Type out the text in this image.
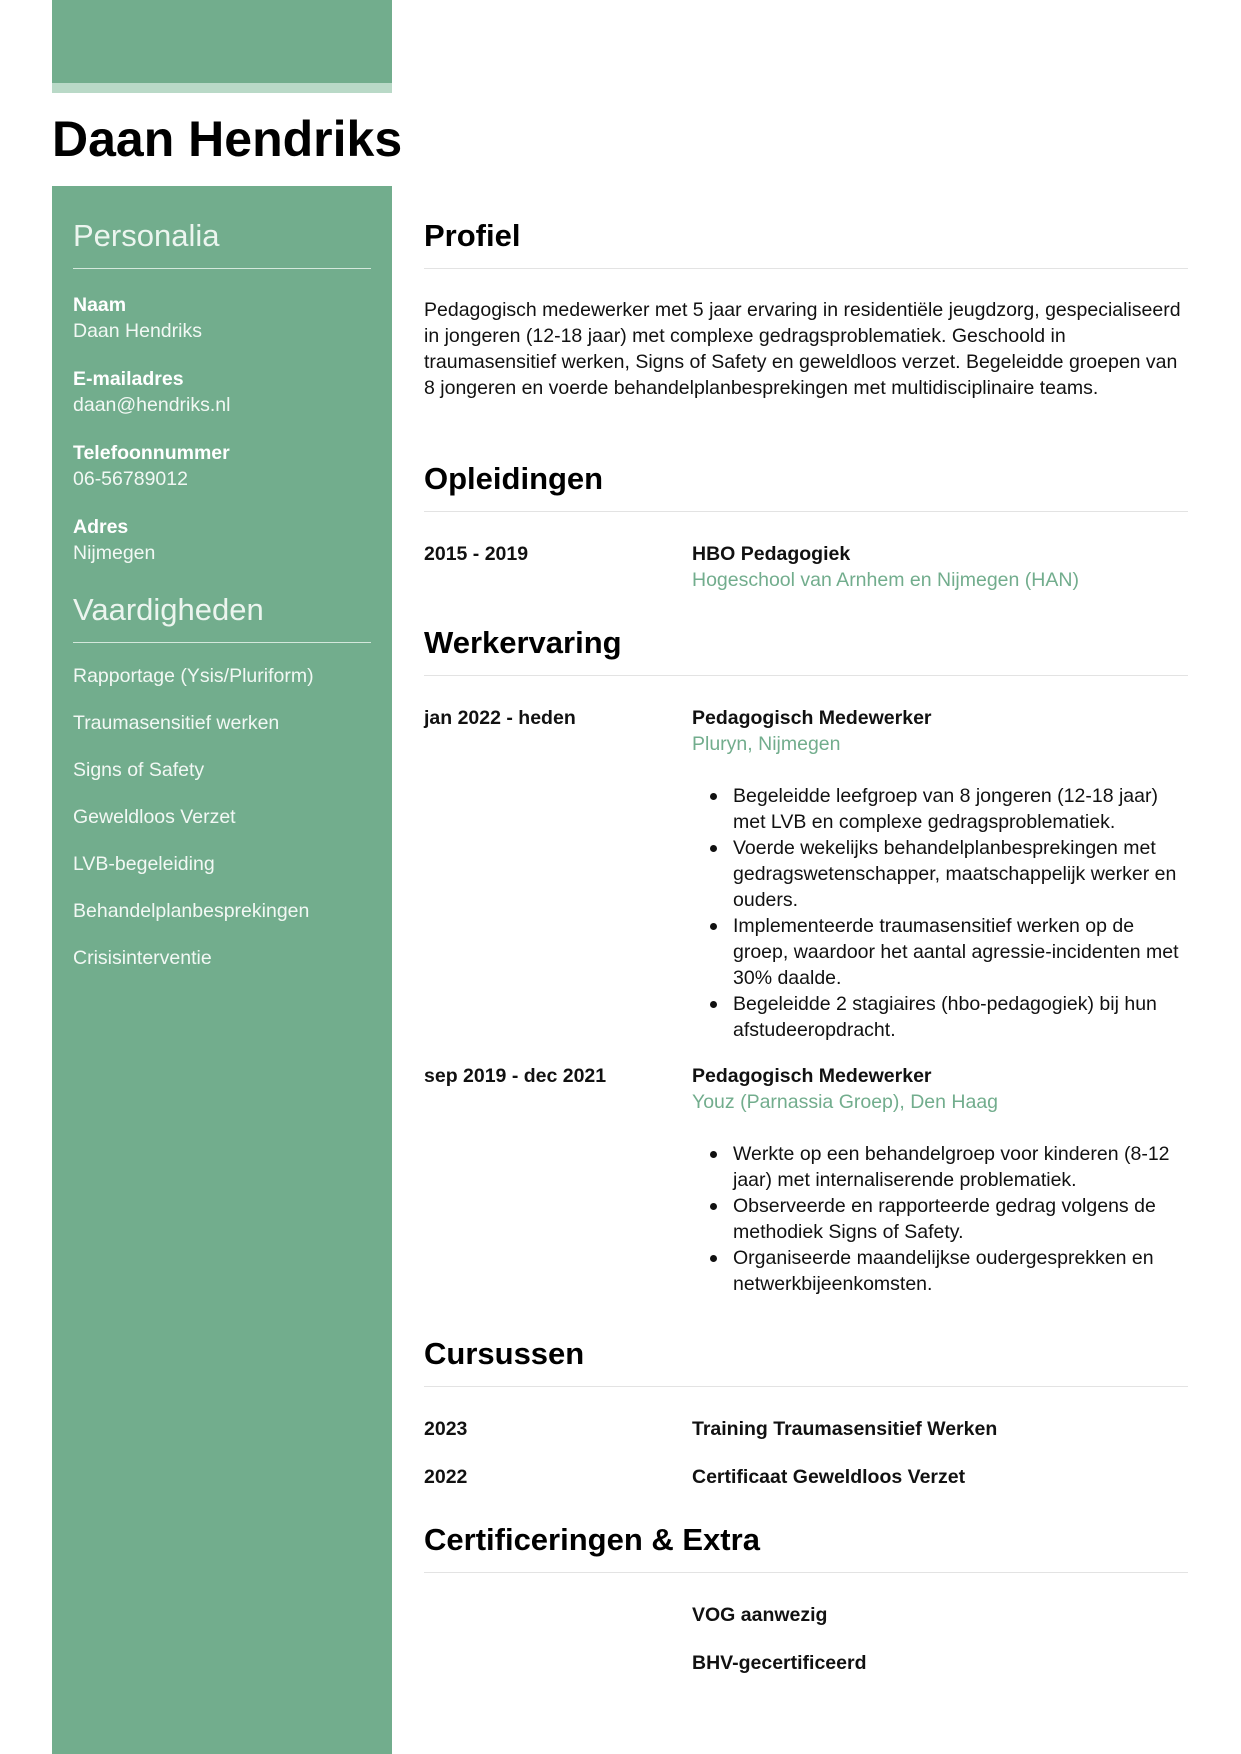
Daan Hendriks
Personalia
Naam
Daan Hendriks
E-mailadres
daan@hendriks.nl
Telefoonnummer
06-56789012
Adres
Nijmegen
Vaardigheden
Rapportage (Ysis/Pluriform)
Traumasensitief werken
Signs of Safety
Geweldloos Verzet
LVB-begeleiding
Behandelplanbesprekingen
Crisisinterventie
Profiel
Pedagogisch medewerker met 5 jaar ervaring in residentiële jeugdzorg, gespecialiseerd in jongeren (12-18 jaar) met complexe gedragsproblematiek. Geschoold in traumasensitief werken, Signs of Safety en geweldloos verzet. Begeleidde groepen van 8 jongeren en voerde behandelplanbesprekingen met multidisciplinaire teams.
Opleidingen
2015 - 2019	HBO Pedagogiek
Hogeschool van Arnhem en Nijmegen (HAN)
Werkervaring
jan 2022 - heden	Pedagogisch Medewerker
Pluryn, Nijmegen
Begeleidde leefgroep van 8 jongeren (12-18 jaar) met LVB en complexe gedragsproblematiek.
Voerde wekelijks behandelplanbesprekingen met gedragswetenschapper, maatschappelijk werker en ouders.
Implementeerde traumasensitief werken op de groep, waardoor het aantal agressie-incidenten met 30% daalde.
Begeleidde 2 stagiaires (hbo-pedagogiek) bij hun afstudeeropdracht.
sep 2019 - dec 2021	Pedagogisch Medewerker
Youz (Parnassia Groep), Den Haag
Werkte op een behandelgroep voor kinderen (8-12 jaar) met internaliserende problematiek.
Observeerde en rapporteerde gedrag volgens de methodiek Signs of Safety.
Organiseerde maandelijkse oudergesprekken en netwerkbijeenkomsten.
Cursussen
2023	Training Traumasensitief Werken
2022	Certificaat Geweldloos Verzet
Certificeringen & Extra
VOG aanwezig
BHV-gecertificeerd
